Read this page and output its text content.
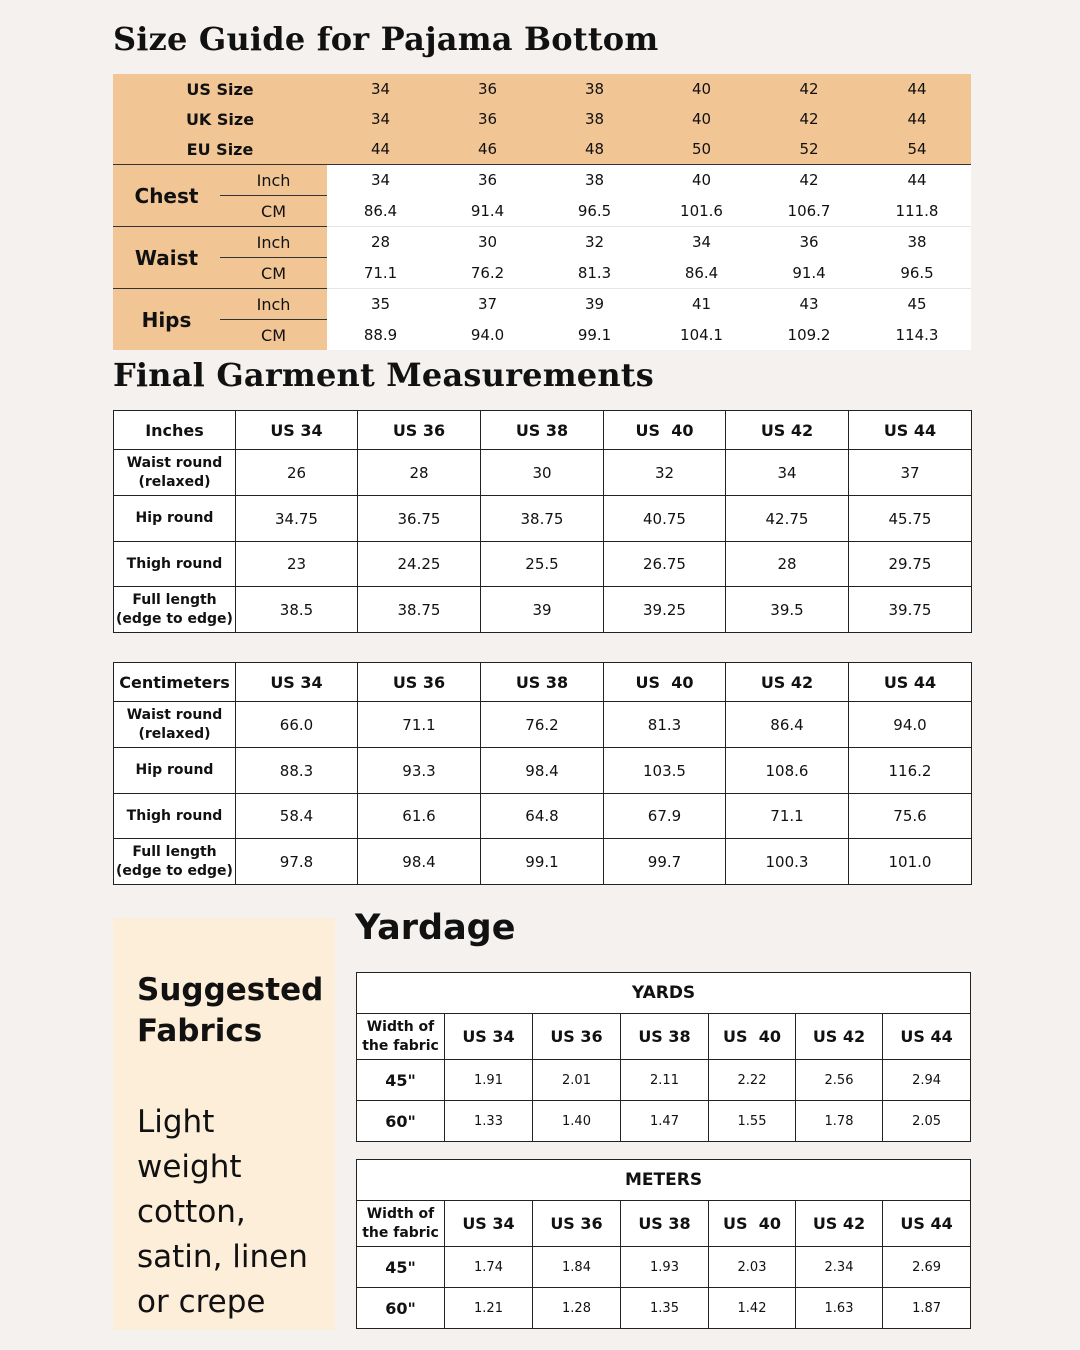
Size Guide for Pajama Bottom
US Size		34	36	38	40	42	44
UK Size		34	36	38	40	42	44
EU Size		44	46	48	50	52	54
Chest	Inch	34	36	38	40	42	44
	CM	86.4	91.4	96.5	101.6	106.7	111.8
Waist	Inch	28	30	32	34	36	38
	CM	71.1	76.2	81.3	86.4	91.4	96.5
Hips	Inch	35	37	39	41	43	45
	CM	88.9	94.0	99.1	104.1	109.2	114.3
Final Garment Measurements
Inches	US 34	US 36	US 38	US  40	US 42	US 44
Waist round (relaxed)	26	28	30	32	34	37
Hip round	34.75	36.75	38.75	40.75	42.75	45.75
Thigh round	23	24.25	25.5	26.75	28	29.75
Full length (edge to edge)	38.5	38.75	39	39.25	39.5	39.75
Centimeters	US 34	US 36	US 38	US  40	US 42	US 44
Waist round (relaxed)	66.0	71.1	76.2	81.3	86.4	94.0
Hip round	88.3	93.3	98.4	103.5	108.6	116.2
Thigh round	58.4	61.6	64.8	67.9	71.1	75.6
Full length (edge to edge)	97.8	98.4	99.1	99.7	100.3	101.0
Suggested Fabrics

Light weight cotton, satin, linen or crepe

Yardage
YARDS						
Width of the fabric	US 34	US 36	US 38	US  40	US 42	US 44
45"	1.91	2.01	2.11	2.22	2.56	2.94
60"	1.33	1.40	1.47	1.55	1.78	2.05
METERS						
Width of the fabric	US 34	US 36	US 38	US  40	US 42	US 44
45"	1.74	1.84	1.93	2.03	2.34	2.69
60"	1.21	1.28	1.35	1.42	1.63	1.87
